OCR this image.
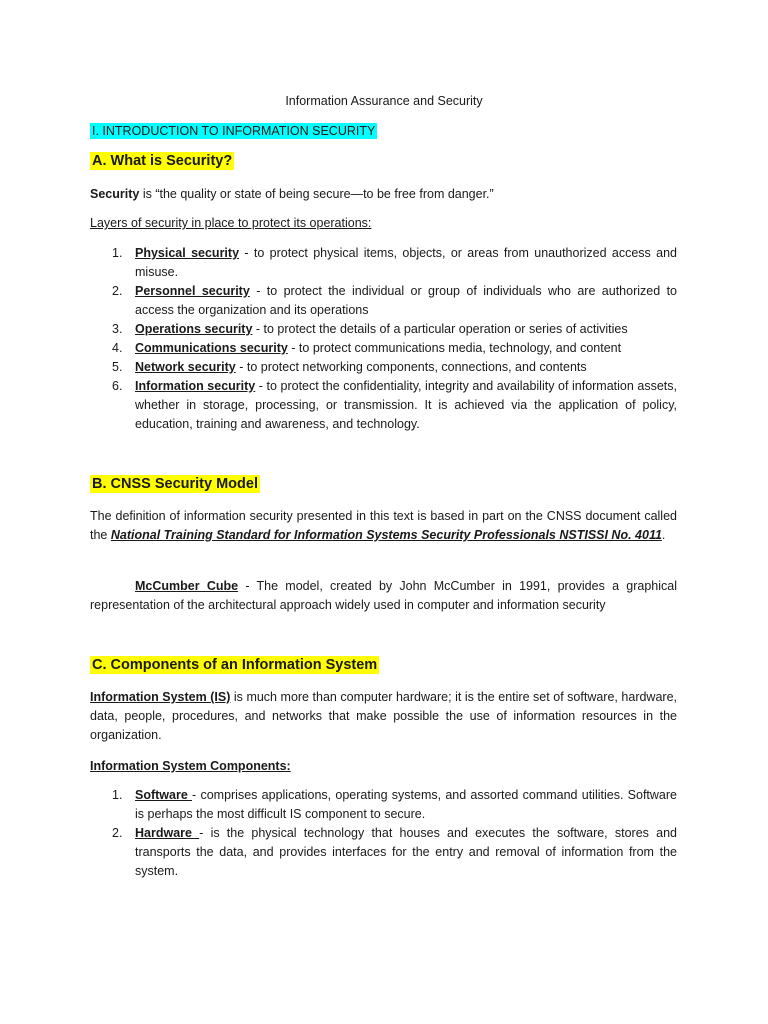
Information Assurance and Security
I. INTRODUCTION TO INFORMATION SECURITY
A. What is Security?
Security is “the quality or state of being secure—to be free from danger.”
Layers of security in place to protect its operations:
1. Physical security - to protect physical items, objects, or areas from unauthorized access and misuse.
2. Personnel security - to protect the individual or group of individuals who are authorized to access the organization and its operations
3. Operations security - to protect the details of a particular operation or series of activities
4. Communications security - to protect communications media, technology, and content
5. Network security - to protect networking components, connections, and contents
6. Information security - to protect the confidentiality, integrity and availability of information assets, whether in storage, processing, or transmission. It is achieved via the application of policy, education, training and awareness, and technology.
B. CNSS Security Model
The definition of information security presented in this text is based in part on the CNSS document called the National Training Standard for Information Systems Security Professionals NSTISSI No. 4011.
McCumber Cube - The model, created by John McCumber in 1991, provides a graphical representation of the architectural approach widely used in computer and information security
C. Components of an Information System
Information System (IS) is much more than computer hardware; it is the entire set of software, hardware, data, people, procedures, and networks that make possible the use of information resources in the organization.
Information System Components:
1. Software - comprises applications, operating systems, and assorted command utilities. Software is perhaps the most difficult IS component to secure.
2. Hardware - is the physical technology that houses and executes the software, stores and transports the data, and provides interfaces for the entry and removal of information from the system.
